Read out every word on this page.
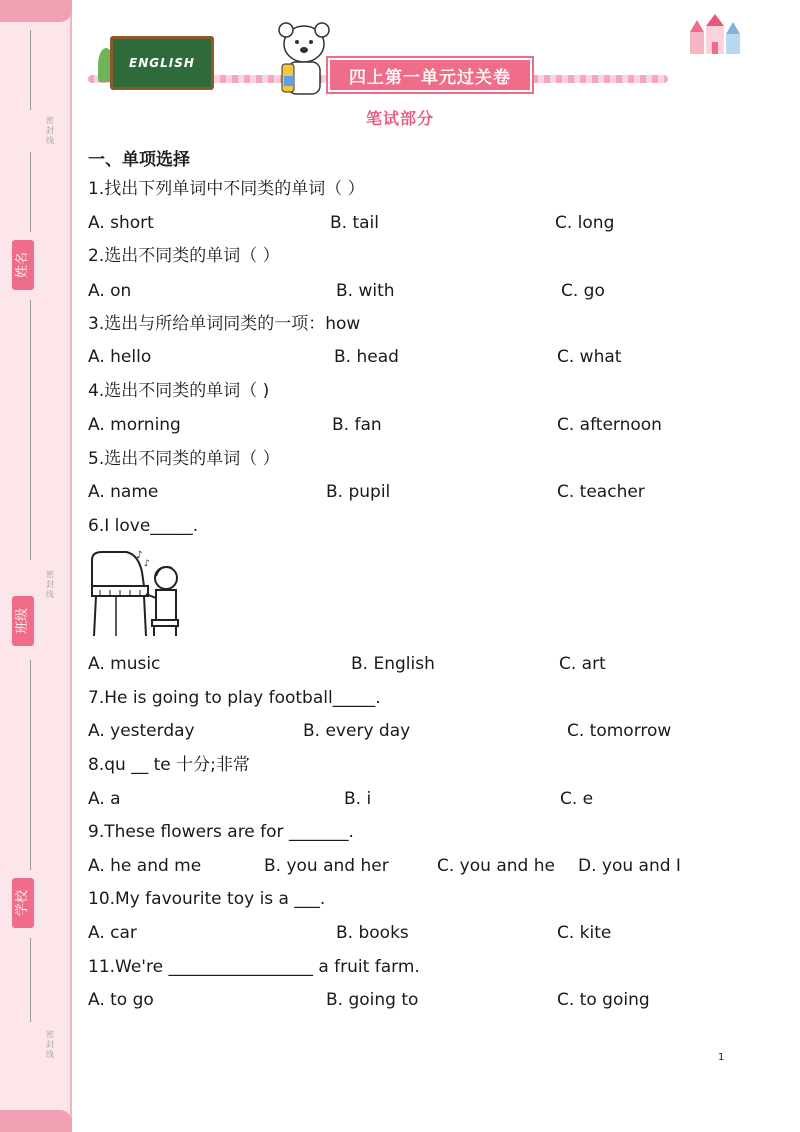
密封线
姓名
密封线
班级
学校
密封线
ENGLISH
四上第一单元过关卷
笔试部分
一、单项选择
1.找出下列单词中不同类的单词（ ）
A. short	B. tail	C. long
2.选出不同类的单词（ ）
A. on	B. with	C. go
3.选出与所给单词同类的一项：how
A. hello	B. head	C. what
4.选出不同类的单词（ )
A. morning	B. fan	C. afternoon
5.选出不同类的单词（ ）
A. name	B. pupil	C. teacher
6.I love_____.
♪
♪
A. music	B. English	C. art
7.He is going to play football_____.
A. yesterday	B. every day	C. tomorrow
8.qu __ te 十分;非常
A. a	B. i	C. e
9.These flowers are for _______.
A. he and me	B. you and her	C. you and he D. you and I
10.My favourite toy is a ___.
A. car	B. books	C. kite
11.We're _________________ a fruit farm.
A. to go	B. going to	C. to going
1
